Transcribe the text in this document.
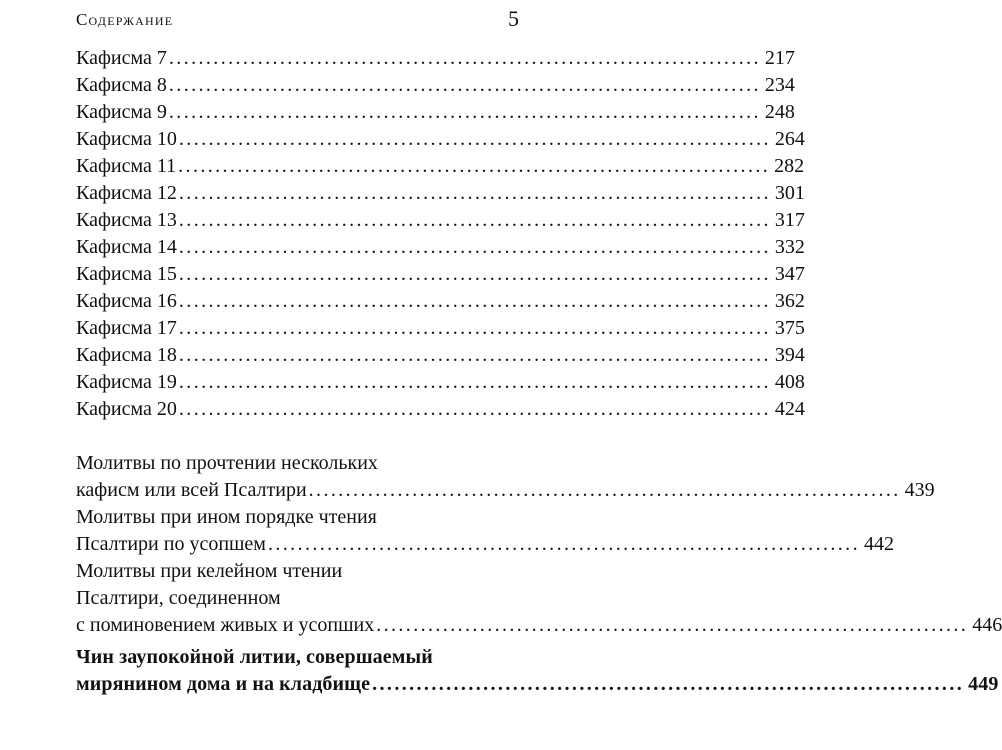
Содержание	5
Кафисма 7 ................................................................................ 217
Кафисма 8 ................................................................................ 234
Кафисма 9 ................................................................................ 248
Кафисма 10 ................................................................................ 264
Кафисма 11 ................................................................................ 282
Кафисма 12 ................................................................................ 301
Кафисма 13 ................................................................................ 317
Кафисма 14 ................................................................................ 332
Кафисма 15 ................................................................................ 347
Кафисма 16 ................................................................................ 362
Кафисма 17 ................................................................................ 375
Кафисма 18 ................................................................................ 394
Кафисма 19 ................................................................................ 408
Кафисма 20 ................................................................................ 424
Молитвы по прочтении нескольких
кафисм или всей Псалтири ................................................................................ 439
Молитвы при ином порядке чтения
Псалтири по усопшем ................................................................................ 442
Молитвы при келейном чтении
Псалтири, соединенном
с поминовением живых и усопших ................................................................................ 446
Чин заупокойной литии, совершаемый
мирянином дома и на кладбище ................................................................................ 449
